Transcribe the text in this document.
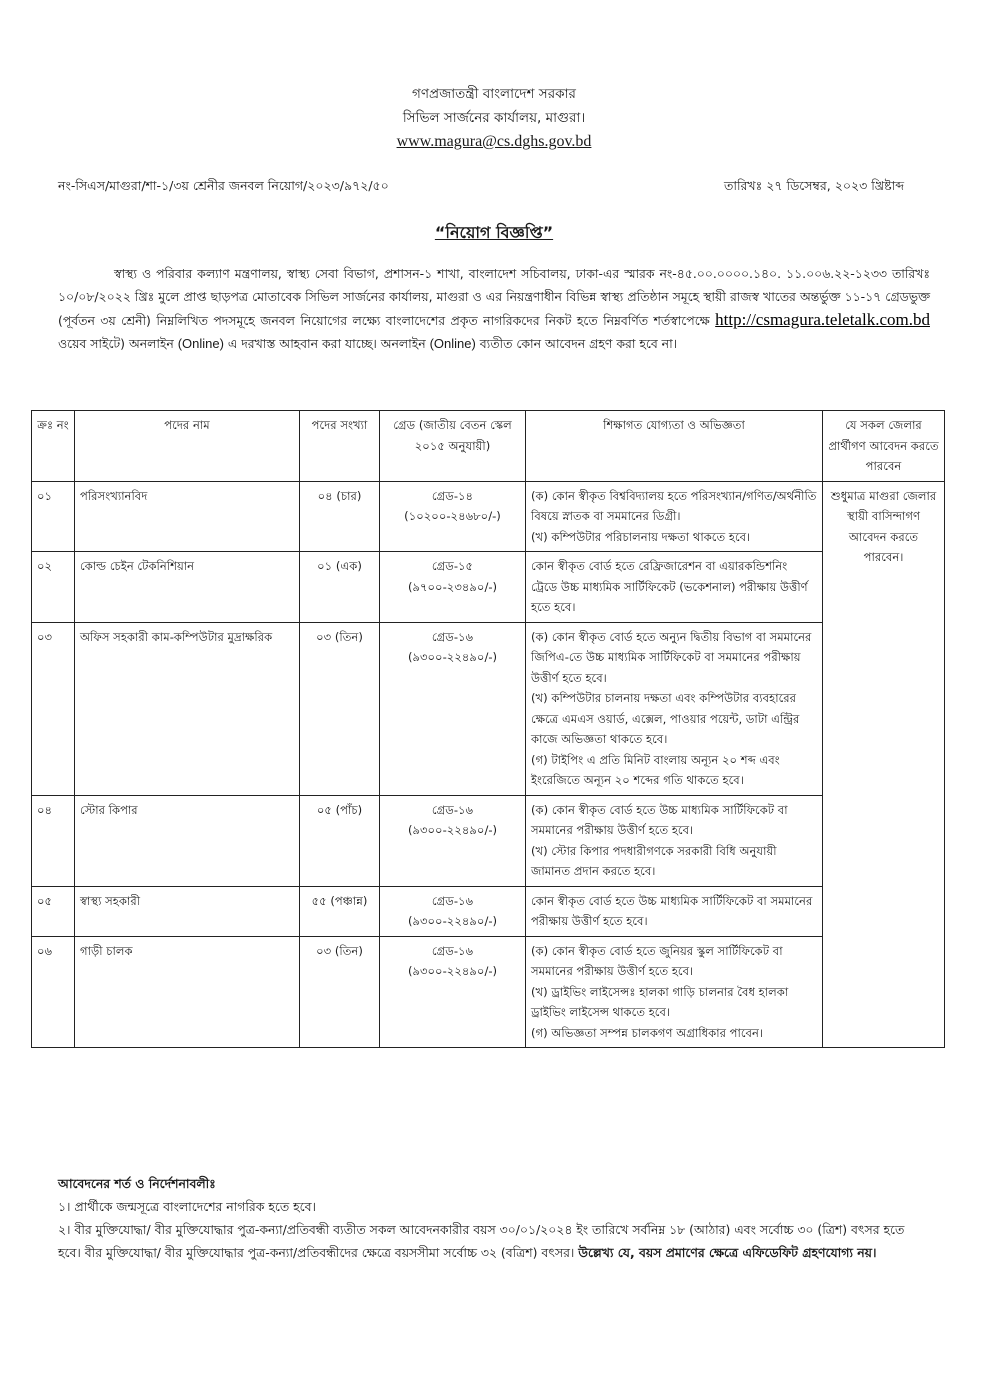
গণপ্রজাতন্ত্রী বাংলাদেশ সরকার
সিভিল সার্জনের কার্যালয়, মাগুরা।
www.magura@cs.dghs.gov.bd
নং-সিএস/মাগুরা/শা-১/৩য় শ্রেনীর জনবল নিয়োগ/২০২৩/৯৭২/৫০	তারিখঃ ২৭ ডিসেম্বর, ২০২৩ খ্রিষ্টাব্দ
“নিয়োগ বিজ্ঞপ্তি”
স্বাস্থ্য ও পরিবার কল্যাণ মন্ত্রণালয়, স্বাস্থ্য সেবা বিভাগ, প্রশাসন-১ শাখা, বাংলাদেশ সচিবালয়, ঢাকা-এর স্মারক নং-৪৫.০০.০০০০.১৪০. ১১.০০৬.২২-১২৩৩ তারিখঃ ১০/০৮/২০২২ খ্রিঃ মুলে প্রাপ্ত ছাড়পত্র মোতাবেক সিভিল সার্জনের কার্যালয়, মাগুরা ও এর নিয়ন্ত্রণাধীন বিভিন্ন স্বাস্থ্য প্রতিষ্ঠান সমূহে স্থায়ী রাজস্ব খাতের অন্তর্ভুক্ত ১১-১৭ গ্রেডভুক্ত (পূর্বতন ৩য় শ্রেনী) নিম্নলিখিত পদসমূহে জনবল নিয়োগের লক্ষ্যে বাংলাদেশের প্রকৃত নাগরিকদের নিকট হতে নিম্নবর্ণিত শর্তস্বাপেক্ষে http://csmagura.teletalk.com.bd ওয়েব সাইটে) অনলাইন (Online) এ দরখাস্ত আহবান করা যাচ্ছে। অনলাইন (Online) ব্যতীত কোন আবেদন গ্রহণ করা হবে না।
ক্রঃ নং	পদের নাম	পদের সংখ্যা	গ্রেড (জাতীয় বেতন স্কেল ২০১৫ অনুযায়ী)	শিক্ষাগত যোগ্যতা ও অভিজ্ঞতা	যে সকল জেলার প্রার্থীগণ আবেদন করতে পারবেন
০১	পরিসংখ্যানবিদ	০৪ (চার)	গ্রেড-১৪
(১০২০০-২৪৬৮০/-)	(ক) কোন স্বীকৃত বিশ্ববিদ্যালয় হতে পরিসংখ্যান/গণিত/অর্থনীতি বিষয়ে স্নাতক বা সমমানের ডিগ্রী।
(খ) কম্পিউটার পরিচালনায় দক্ষতা থাকতে হবে।	শুধুমাত্র মাগুরা জেলার স্থায়ী বাসিন্দাগণ আবেদন করতে পারবেন।
০২	কোল্ড চেইন টেকনিশিয়ান	০১ (এক)	গ্রেড-১৫
(৯৭০০-২৩৪৯০/-)	কোন স্বীকৃত বোর্ড হতে রেফ্রিজারেশন বা এয়ারকন্ডিশনিং ট্রেডে উচ্চ মাধ্যমিক সার্টিফিকেট (ভকেশনাল) পরীক্ষায় উত্তীর্ণ হতে হবে।	

০৩	অফিস সহকারী কাম-কম্পিউটার মুদ্রাক্ষরিক	০৩ (তিন)	গ্রেড-১৬
(৯৩০০-২২৪৯০/-)	(ক) কোন স্বীকৃত বোর্ড হতে অন্যুন দ্বিতীয় বিভাগ বা সমমানের জিপিএ-তে উচ্চ মাধ্যমিক সার্টিফিকেট বা সমমানের পরীক্ষায় উত্তীর্ণ হতে হবে।
(খ) কম্পিউটার চালনায় দক্ষতা এবং কম্পিউটার ব্যবহারের ক্ষেত্রে এমএস ওয়ার্ড, এক্সেল, পাওয়ার পয়েন্ট, ডাটা এন্ট্রির কাজে অভিজ্ঞতা থাকতে হবে।
(গ) টাইপিং এ প্রতি মিনিট বাংলায় অন্যূন ২০ শব্দ এবং ইংরেজিতে অন্যূন ২০ শব্দের গতি থাকতে হবে।	

০৪	স্টোর কিপার	০৫ (পাঁচ)	গ্রেড-১৬
(৯৩০০-২২৪৯০/-)	(ক) কোন স্বীকৃত বোর্ড হতে উচ্চ মাধ্যমিক সার্টিফিকেট বা সমমানের পরীক্ষায় উত্তীর্ণ হতে হবে।
(খ) স্টোর কিপার পদধারীগণকে সরকারী বিধি অনুযায়ী জামানত প্রদান করতে হবে।	

০৫	স্বাস্থ্য সহকারী	৫৫ (পঞ্চান্ন)	গ্রেড-১৬
(৯৩০০-২২৪৯০/-)	কোন স্বীকৃত বোর্ড হতে উচ্চ মাধ্যমিক সার্টিফিকেট বা সমমানের পরীক্ষায় উত্তীর্ণ হতে হবে।	

০৬	গাড়ী চালক	০৩ (তিন)	গ্রেড-১৬
(৯৩০০-২২৪৯০/-)	(ক) কোন স্বীকৃত বোর্ড হতে জুনিয়র স্কুল সার্টিফিকেট বা সমমানের পরীক্ষায় উত্তীর্ণ হতে হবে।
(খ) ড্রাইভিং লাইসেন্সঃ হালকা গাড়ি চালনার বৈধ হালকা ড্রাইভিং লাইসেন্স থাকতে হবে।
(গ) অভিজ্ঞতা সম্পন্ন চালকগণ অগ্রাধিকার পাবেন।	
আবেদনের শর্ত ও নির্দেশনাবলীঃ
১। প্রার্থীকে জন্মসূত্রে বাংলাদেশের নাগরিক হতে হবে।
২। বীর মুক্তিযোদ্ধা/ বীর মুক্তিযোদ্ধার পুত্র-কন্যা/প্রতিবন্ধী ব্যতীত সকল আবেদনকারীর বয়স ৩০/০১/২০২৪ ইং তারিখে সর্বনিম্ন ১৮ (আঠার) এবং সর্বোচ্চ ৩০ (ত্রিশ) বৎসর হতে হবে। বীর মুক্তিযোদ্ধা/ বীর মুক্তিযোদ্ধার পুত্র-কন্যা/প্রতিবন্ধীদের ক্ষেত্রে বয়সসীমা সর্বোচ্চ ৩২ (বত্রিশ) বৎসর। উল্লেখ্য যে, বয়স প্রমাণের ক্ষেত্রে এফিডেফিট গ্রহণযোগ্য নয়।
